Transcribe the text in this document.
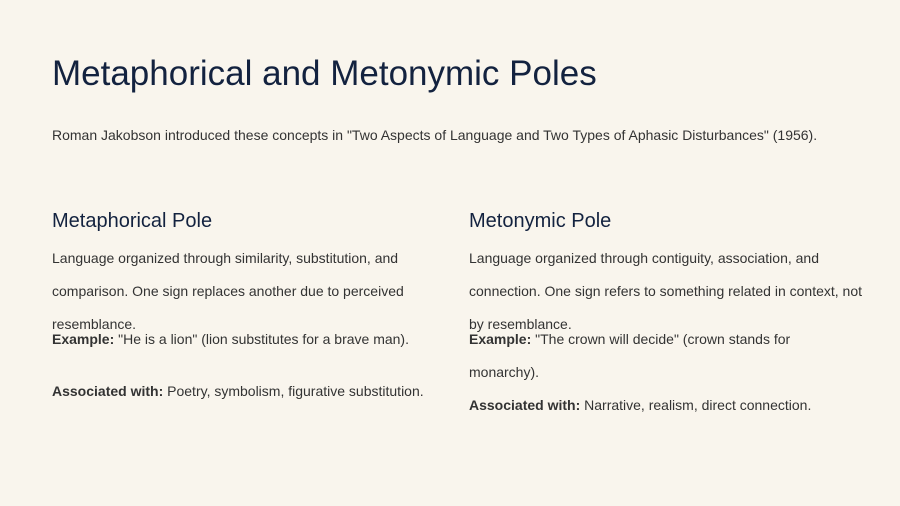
Metaphorical and Metonymic Poles

Roman Jakobson introduced these concepts in "Two Aspects of Language and Two Types of Aphasic Disturbances" (1956).

Metaphorical Pole

Language organized through similarity, substitution, and comparison. One sign replaces another due to perceived resemblance.

Example: "He is a lion" (lion substitutes for a brave man).

Associated with: Poetry, symbolism, figurative substitution.

Metonymic Pole

Language organized through contiguity, association, and connection. One sign refers to something related in context, not by resemblance.

Example: "The crown will decide" (crown stands for monarchy).

Associated with: Narrative, realism, direct connection.
